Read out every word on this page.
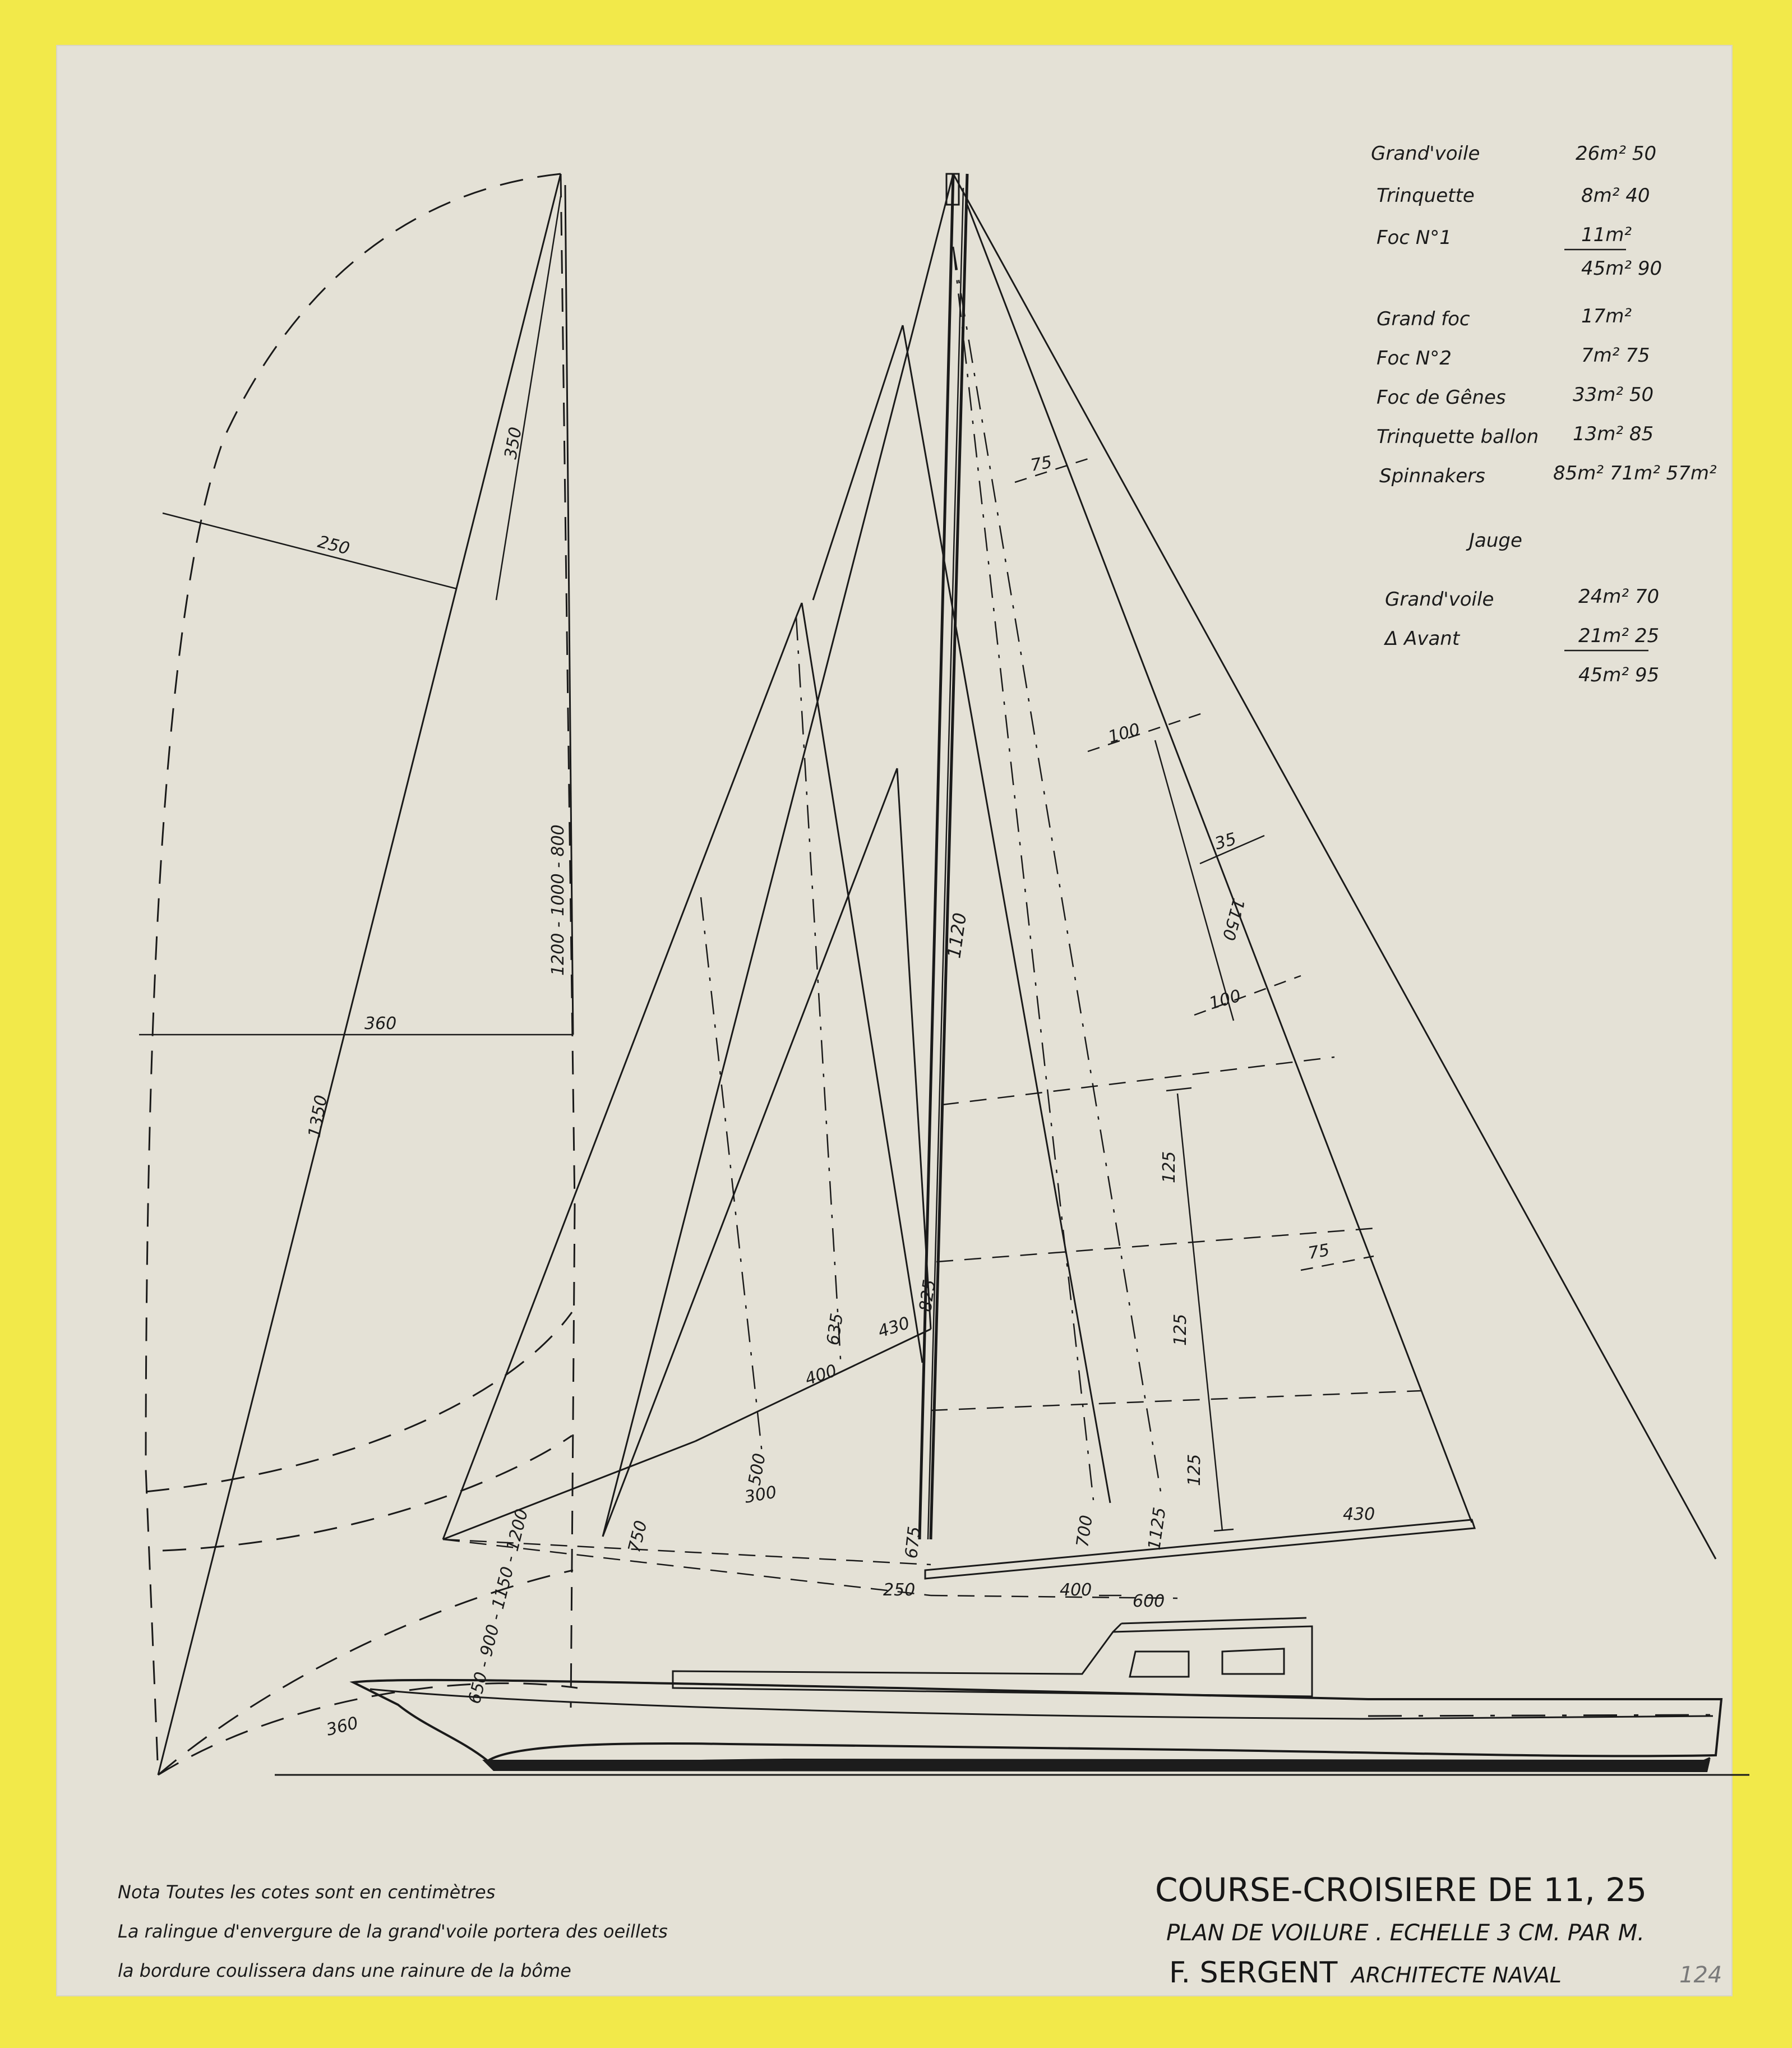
350
250
360
1350
1200 - 1000 - 800
650 - 900 - 1150 - 1200
360
750
300
500
400
635 430
825
1120
675
250
75
100
35
1150
100
75
125
125
125
430
700	1125
400
600
Grand'voile	26m² 50
Trinquette	8m² 40
Foc N°1	11m²
45m² 90
Grand foc	17m²
Foc N°2	7m² 75
Foc de Gênes	33m² 50
Trinquette ballon 13m² 85
Spinnakers	85m² 71m² 57m²
Jauge
Grand'voile	24m² 70
Δ Avant	21m² 25
45m² 95
Nota Toutes les cotes sont en centimètres
La ralingue d'envergure de la grand'voile portera des oeillets
la bordure coulissera dans une rainure de la bôme
COURSE-CROISIERE DE 11, 25
PLAN DE VOILURE . ECHELLE 3 CM. PAR M.
F. SERGENT ARCHITECTE NAVAL	124
